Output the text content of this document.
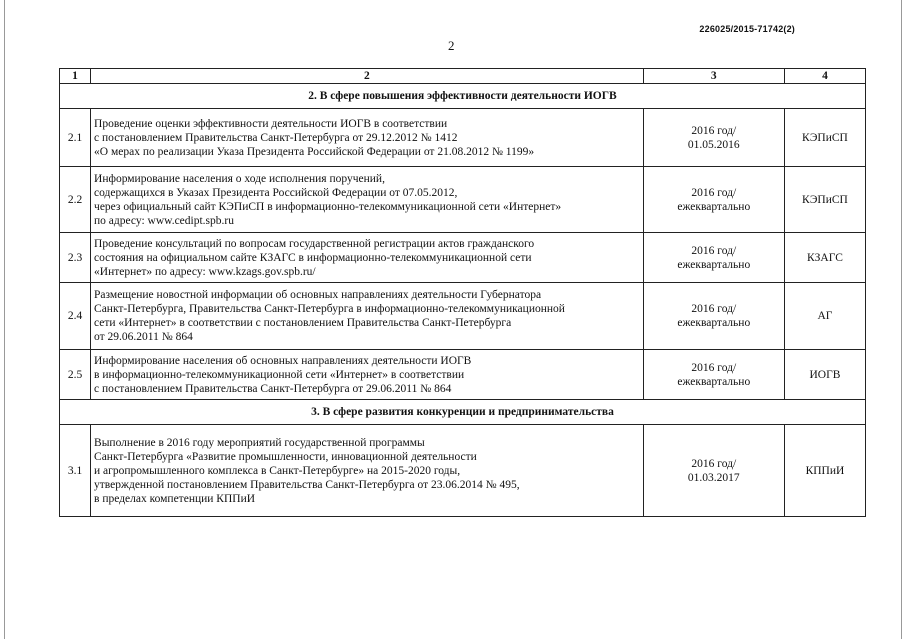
226025/2015-71742(2)
2
1	2	3	4
2. В сфере повышения эффективности деятельности ИОГВ			
2.1	Проведение оценки эффективности деятельности ИОГВ в соответствии
с постановлением Правительства Санкт-Петербурга от 29.12.2012 № 1412
«О мерах по реализации Указа Президента Российской Федерации от 21.08.2012 № 1199»	2016 год/
01.05.2016	КЭПиСП
2.2	Информирование населения о ходе исполнения поручений,
содержащихся в Указах Президента Российской Федерации от 07.05.2012,
через официальный сайт КЭПиСП в информационно-телекоммуникационной сети «Интернет»
по адресу: www.cedipt.spb.ru	2016 год/
ежеквартально	КЭПиСП
2.3	Проведение консультаций по вопросам государственной регистрации актов гражданского
состояния на официальном сайте КЗАГС в информационно-телекоммуникационной сети
«Интернет» по адресу: www.kzags.gov.spb.ru/	2016 год/
ежеквартально	КЗАГС
2.4	Размещение новостной информации об основных направлениях деятельности Губернатора
Санкт-Петербурга, Правительства Санкт-Петербурга в информационно-телекоммуникационной
сети «Интернет» в соответствии с постановлением Правительства Санкт-Петербурга
от 29.06.2011 № 864	2016 год/
ежеквартально	АГ
2.5	Информирование населения об основных направлениях деятельности ИОГВ
в информационно-телекоммуникационной сети «Интернет» в соответствии
с постановлением Правительства Санкт-Петербурга от 29.06.2011 № 864	2016 год/
ежеквартально	ИОГВ
3. В сфере развития конкуренции и предпринимательства			
3.1	Выполнение в 2016 году мероприятий государственной программы
Санкт-Петербурга «Развитие промышленности, инновационной деятельности
и агропромышленного комплекса в Санкт-Петербурге» на 2015-2020 годы,
утвержденной постановлением Правительства Санкт-Петербурга от 23.06.2014 № 495,
в пределах компетенции КППиИ	2016 год/
01.03.2017	КППиИ
